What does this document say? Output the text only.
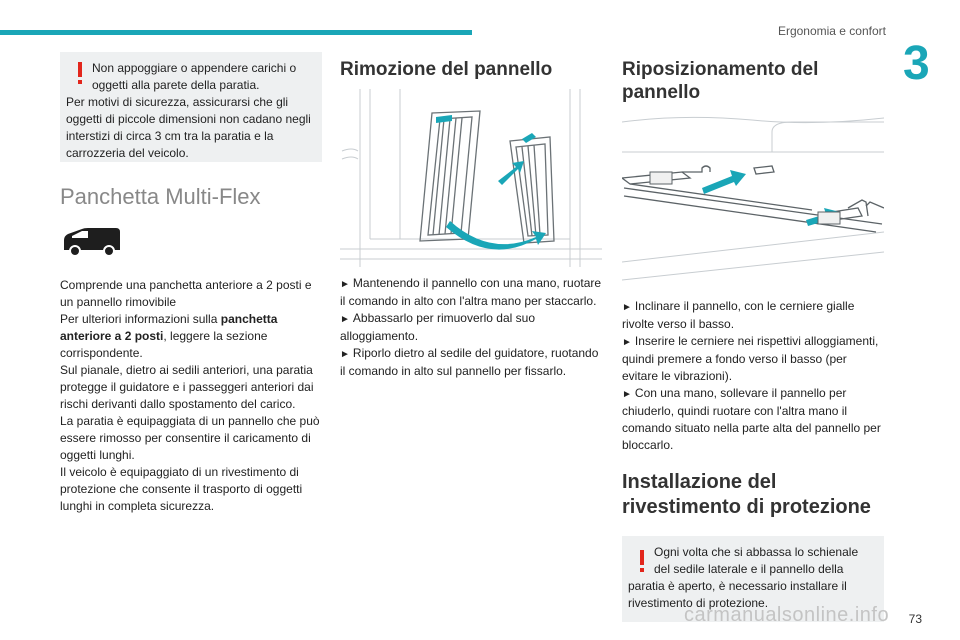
Ergonomia e confort
3
Non appoggiare o appendere carichi o oggetti alla parete della paratia.
Per motivi di sicurezza, assicurarsi che gli oggetti di piccole dimensioni non cadano negli interstizi di circa 3 cm tra la paratia e la carrozzeria del veicolo.
Panchetta Multi-Flex
Comprende una panchetta anteriore a 2 posti e un pannello rimovibile
Per ulteriori informazioni sulla panchetta anteriore a 2 posti, leggere la sezione corrispondente.
Sul pianale, dietro ai sedili anteriori, una paratia protegge il guidatore e i passeggeri anteriori dai rischi derivanti dallo spostamento del carico.
La paratia è equipaggiata di un pannello che può essere rimosso per consentire il caricamento di oggetti lunghi.
Il veicolo è equipaggiato di un rivestimento di protezione che consente il trasporto di oggetti lunghi in completa sicurezza.
Rimozione del pannello
► Mantenendo il pannello con una mano, ruotare il comando in alto con l'altra mano per staccarlo.
► Abbassarlo per rimuoverlo dal suo alloggiamento.
► Riporlo dietro al sedile del guidatore, ruotando il comando in alto sul pannello per fissarlo.
Riposizionamento del pannello
► Inclinare il pannello, con le cerniere gialle rivolte verso il basso.
► Inserire le cerniere nei rispettivi alloggiamenti, quindi premere a fondo verso il basso (per evitare le vibrazioni).
► Con una mano, sollevare il pannello per chiuderlo, quindi ruotare con l'altra mano il comando situato nella parte alta del pannello per bloccarlo.
Installazione del rivestimento di protezione
Ogni volta che si abbassa lo schienale del sedile laterale e il pannello della
paratia è aperto, è necessario installare il rivestimento di protezione.
carmanualsonline.info 73
